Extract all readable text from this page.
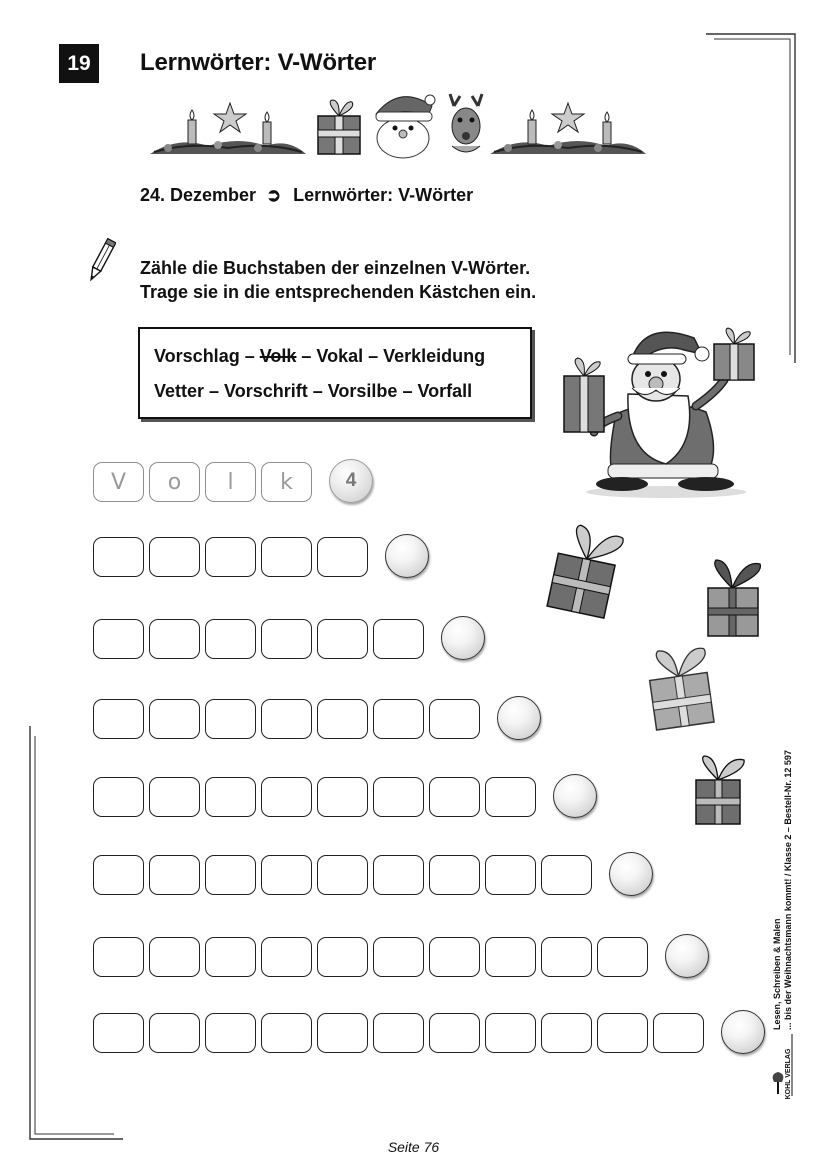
19	Lernwörter: V-Wörter
24. Dezember ➲ Lernwörter: V-Wörter
Zähle die Buchstaben der einzelnen V-Wörter.
Trage sie in die entsprechenden Kästchen ein.
Vorschlag – Volk – Vokal – Verkleidung
Vetter – Vorschrift – Vorsilbe – Vorfall
V	o	l	k	4
Lesen, Schreiben & Malen ... bis der Weihnachtsmann kommt! / Klasse 2 – Bestell-Nr. 12 597
KOHL VERLAG
Seite 76
